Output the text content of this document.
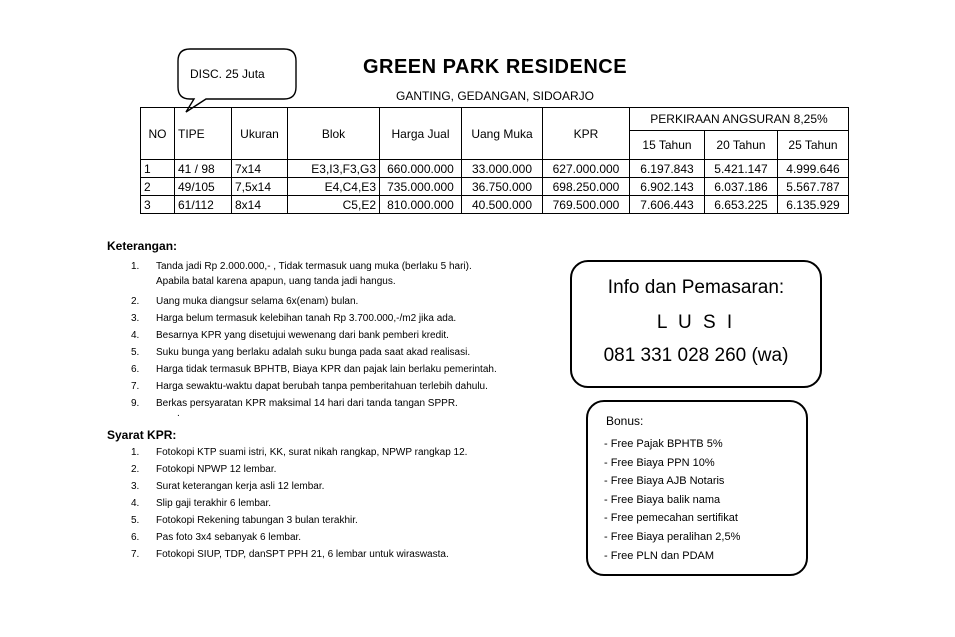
GREEN PARK RESIDENCE
GANTING, GEDANGAN, SIDOARJO
DISC. 25 Juta
NO	TIPE	Ukuran	Blok	Harga Jual	Uang Muka	KPR	PERKIRAAN ANGSURAN 8,25%		
							15 Tahun	20 Tahun	25 Tahun
1	41 / 98	7x14	E3,I3,F3,G3	660.000.000	33.000.000	627.000.000	6.197.843	5.421.147	4.999.646
2	49/105	7,5x14	E4,C4,E3	735.000.000	36.750.000	698.250.000	6.902.143	6.037.186	5.567.787
3	61/112	8x14	C5,E2	810.000.000	40.500.000	769.500.000	7.606.443	6.653.225	6.135.929
Keterangan:
1. Tanda jadi Rp 2.000.000,- , Tidak termasuk uang muka (berlaku 5 hari).
Apabila batal karena apapun, uang tanda jadi hangus.
2. Uang muka diangsur selama 6x(enam) bulan.
3. Harga belum termasuk kelebihan tanah Rp 3.700.000,-/m2 jika ada.
4. Besarnya KPR yang disetujui wewenang dari bank pemberi kredit.
5. Suku bunga yang berlaku adalah suku bunga pada saat akad realisasi.
6. Harga tidak termasuk BPHTB, Biaya KPR dan pajak lain berlaku pemerintah.
7. Harga sewaktu-waktu dapat berubah tanpa pemberitahuan terlebih dahulu.
9. Berkas persyaratan KPR maksimal 14 hari dari tanda tangan SPPR.
.
Syarat KPR:
1. Fotokopi KTP suami istri, KK, surat nikah rangkap, NPWP rangkap 12.
2. Fotokopi NPWP 12 lembar.
3. Surat keterangan kerja asli 12 lembar.
4. Slip gaji terakhir 6 lembar.
5. Fotokopi Rekening tabungan 3 bulan terakhir.
6. Pas foto 3x4 sebanyak 6 lembar.
7. Fotokopi SIUP, TDP, danSPT PPH 21, 6 lembar untuk wiraswasta.
Info dan Pemasaran:
L U S I
081 331 028 260 (wa)
Bonus:
- Free Pajak BPHTB 5%
- Free Biaya PPN 10%
- Free Biaya AJB Notaris
- Free Biaya balik nama
- Free pemecahan sertifikat
- Free Biaya peralihan 2,5%
- Free PLN dan PDAM
